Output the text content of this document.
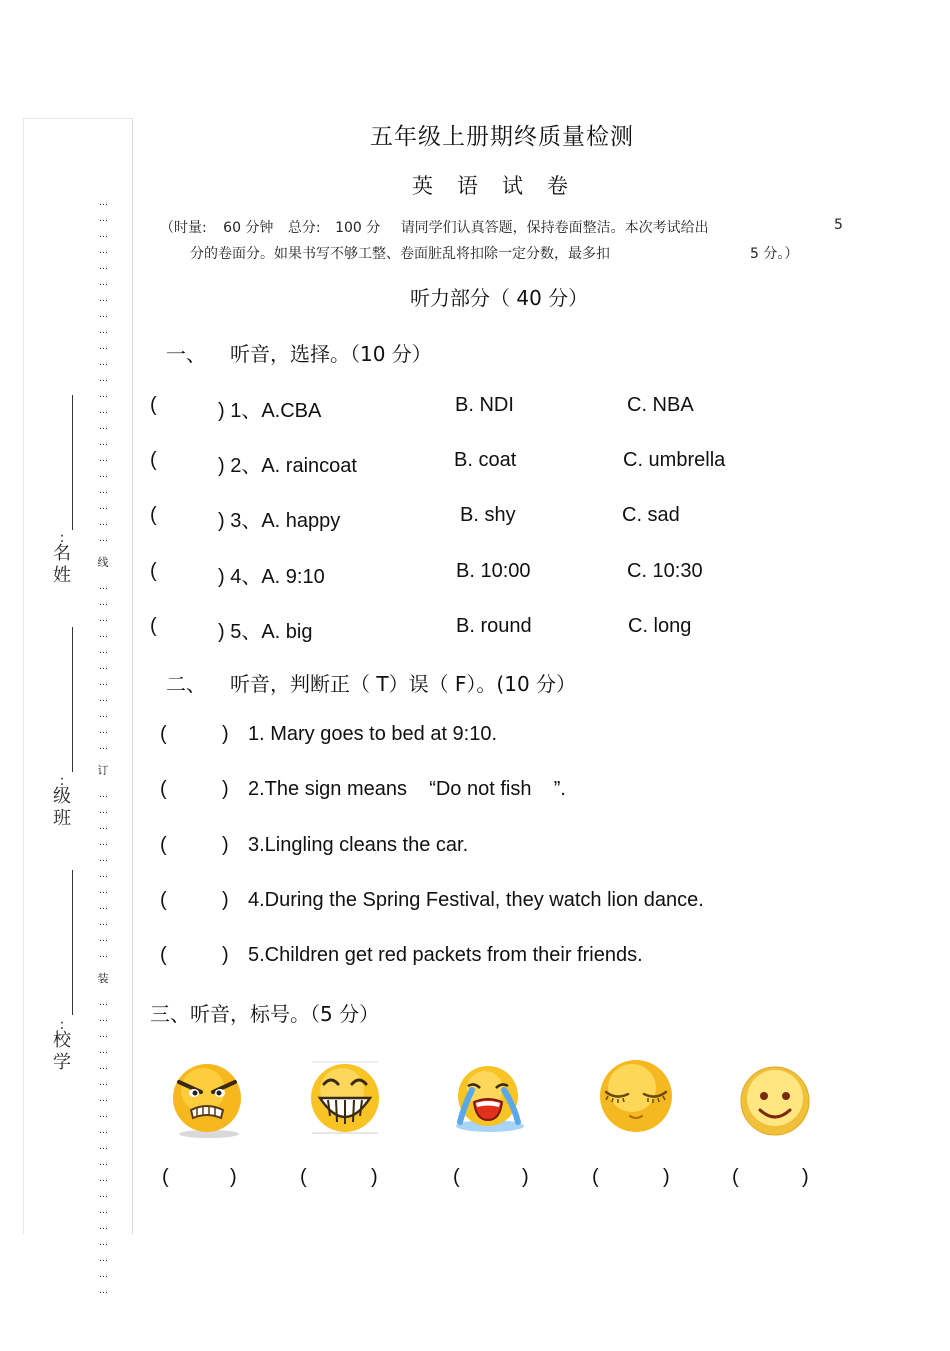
…
…
…
…
…
…
…
…
…
…
…
…
…
…
…
…
…
…
…
…
…
…
线
…
…
…
…
…
…
…
…
…
…
…
订
…
…
…
…
…
…
…
…
…
…
…
装
…
…
…
…
…
…
…
…
…
…
…
…
…
…
…
…
…
…
…
:
名姓
:
级班
:
校学
五年级上册期终质量检测
英语试卷
（时量: 60 分钟 总分: 100 分 请同学们认真答题，保持卷面整洁。本次考试给出	5
分的卷面分。如果书写不够工整、卷面脏乱将扣除一定分数，最多扣	5 分。）
听力部分（ 40 分）
一、 听音，选择。（10 分）
(	) 1、A.CBA	B. NDI	C. NBA
(	) 2、A. raincoat	B. coat	C. umbrella
(	) 3、A. happy	B. shy	C. sad
(	) 4、A. 9:10	B. 10:00	C. 10:30
(	) 5、A. big	B. round	C. long
二、 听音，判断正（ T）误（ F）。(10 分）
(	) 1. Mary goes to bed at 9:10.
(	) 2.The sign means    “Do not fish    ”.
(	) 3.Lingling cleans the car.
(	) 4.During the Spring Festival, they watch lion dance.
(	) 5.Children get red packets from their friends.
三、听音，标号。（5 分）
(	)	(	)	(	)	(	)	(	)
